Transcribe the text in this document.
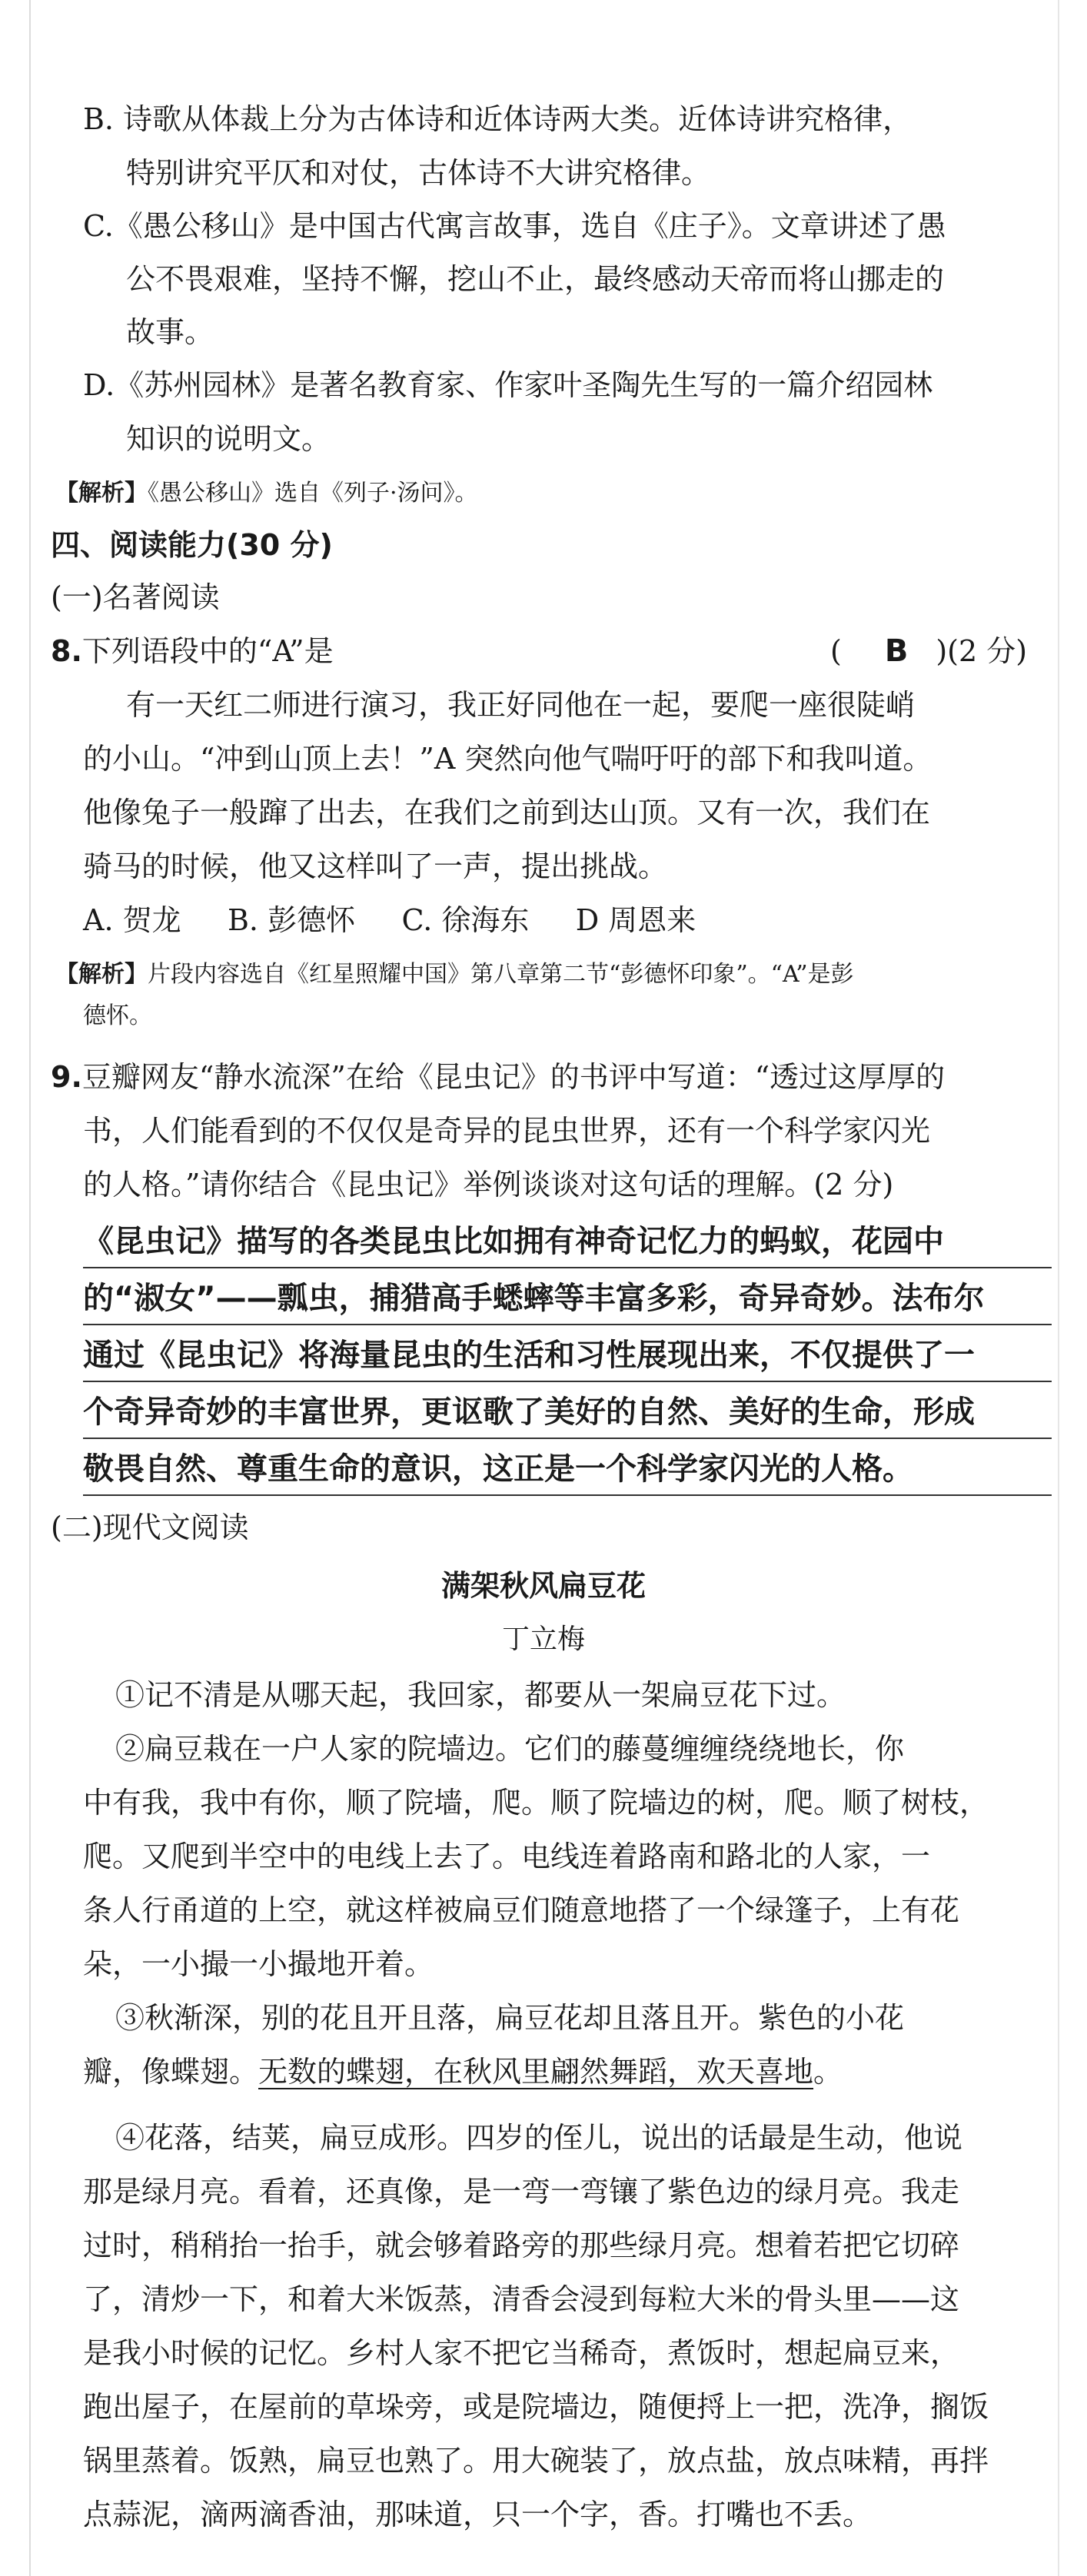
B. 诗歌从体裁上分为古体诗和近体诗两大类。近体诗讲究格律，
特别讲究平仄和对仗，古体诗不大讲究格律。
C.《愚公移山》是中国古代寓言故事，选自《庄子》。文章讲述了愚
公不畏艰难，坚持不懈，挖山不止，最终感动天帝而将山挪走的
故事。
D.《苏州园林》是著名教育家、作家叶圣陶先生写的一篇介绍园林
知识的说明文。
【解析】《愚公移山》选自《列子·汤问》。
四、阅读能力(30 分)
(一)名著阅读
8.下列语段中的“A”是	( B )(2 分)
有一天红二师进行演习，我正好同他在一起，要爬一座很陡峭
的小山。“冲到山顶上去！”A 突然向他气喘吁吁的部下和我叫道。
他像兔子一般蹿了出去，在我们之前到达山顶。又有一次，我们在
骑马的时候，他又这样叫了一声，提出挑战。
A. 贺龙     B. 彭德怀     C. 徐海东     D 周恩来
【解析】片段内容选自《红星照耀中国》第八章第二节“彭德怀印象”。“A”是彭
德怀。
9.豆瓣网友“静水流深”在给《昆虫记》的书评中写道：“透过这厚厚的
书，人们能看到的不仅仅是奇异的昆虫世界，还有一个科学家闪光
的人格。”请你结合《昆虫记》举例谈谈对这句话的理解。(2 分)
《昆虫记》描写的各类昆虫比如拥有神奇记忆力的蚂蚁，花园中
的“淑女”——瓢虫，捕猎高手蟋蟀等丰富多彩，奇异奇妙。法布尔
通过《昆虫记》将海量昆虫的生活和习性展现出来，不仅提供了一
个奇异奇妙的丰富世界，更讴歌了美好的自然、美好的生命，形成
敬畏自然、尊重生命的意识，这正是一个科学家闪光的人格。
(二)现代文阅读
满架秋风扁豆花
丁立梅
①记不清是从哪天起，我回家，都要从一架扁豆花下过。
②扁豆栽在一户人家的院墙边。它们的藤蔓缠缠绕绕地长，你
中有我，我中有你，顺了院墙，爬。顺了院墙边的树，爬。顺了树枝，
爬。又爬到半空中的电线上去了。电线连着路南和路北的人家，一
条人行甬道的上空，就这样被扁豆们随意地搭了一个绿篷子，上有花
朵，一小撮一小撮地开着。
③秋渐深，别的花且开且落，扁豆花却且落且开。紫色的小花
瓣，像蝶翅。无数的蝶翅，在秋风里翩然舞蹈，欢天喜地。
④花落，结荚，扁豆成形。四岁的侄儿，说出的话最是生动，他说
那是绿月亮。看着，还真像，是一弯一弯镶了紫色边的绿月亮。我走
过时，稍稍抬一抬手，就会够着路旁的那些绿月亮。想着若把它切碎
了，清炒一下，和着大米饭蒸，清香会浸到每粒大米的骨头里——这
是我小时候的记忆。乡村人家不把它当稀奇，煮饭时，想起扁豆来，
跑出屋子，在屋前的草垛旁，或是院墙边，随便捋上一把，洗净，搁饭
锅里蒸着。饭熟，扁豆也熟了。用大碗装了，放点盐，放点味精，再拌
点蒜泥，滴两滴香油，那味道，只一个字，香。打嘴也不丢。
